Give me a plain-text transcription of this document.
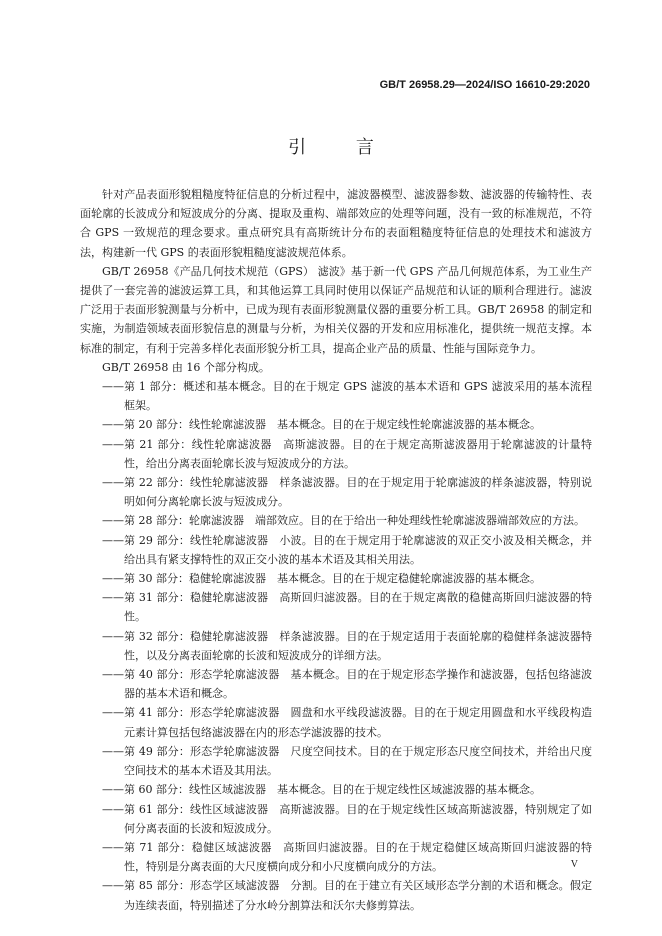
GB/T 26958.29—2024/ISO 16610-29:2020
引 言

针对产品表面形貌粗糙度特征信息的分析过程中，滤波器模型、滤波器参数、滤波器的传输特性、表面轮廓的长波成分和短波成分的分离、提取及重构、端部效应的处理等问题，没有一致的标准规范，不符合 GPS 一致规范的理念要求。重点研究具有高斯统计分布的表面粗糙度特征信息的处理技术和滤波方法，构建新一代 GPS 的表面形貌粗糙度滤波规范体系。

GB/T 26958《产品几何技术规范（GPS） 滤波》基于新一代 GPS 产品几何规范体系，为工业生产提供了一套完善的滤波运算工具，和其他运算工具同时使用以保证产品规范和认证的顺利合理进行。滤波广泛用于表面形貌测量与分析中，已成为现有表面形貌测量仪器的重要分析工具。GB/T 26958 的制定和实施，为制造领域表面形貌信息的测量与分析，为相关仪器的开发和应用标准化，提供统一规范支撑。本标准的制定，有利于完善多样化表面形貌分析工具，提高企业产品的质量、性能与国际竞争力。

GB/T 26958 由 16 个部分构成。

—— 第 1 部分：概述和基本概念。目的在于规定 GPS 滤波的基本术语和 GPS 滤波采用的基本流程框架。

—— 第 20 部分：线性轮廓滤波器　基本概念。目的在于规定线性轮廓滤波器的基本概念。

—— 第 21 部分：线性轮廓滤波器　高斯滤波器。目的在于规定高斯滤波器用于轮廓滤波的计量特性，给出分离表面轮廓长波与短波成分的方法。

—— 第 22 部分：线性轮廓滤波器　样条滤波器。目的在于规定用于轮廓滤波的样条滤波器，特别说明如何分离轮廓长波与短波成分。

—— 第 28 部分：轮廓滤波器　端部效应。目的在于给出一种处理线性轮廓滤波器端部效应的方法。

—— 第 29 部分：线性轮廓滤波器　小波。目的在于规定用于轮廓滤波的双正交小波及相关概念，并给出具有紧支撑特性的双正交小波的基本术语及其相关用法。

—— 第 30 部分：稳健轮廓滤波器　基本概念。目的在于规定稳健轮廓滤波器的基本概念。

—— 第 31 部分：稳健轮廓滤波器　高斯回归滤波器。目的在于规定离散的稳健高斯回归滤波器的特性。

—— 第 32 部分：稳健轮廓滤波器　样条滤波器。目的在于规定适用于表面轮廓的稳健样条滤波器特性，以及分离表面轮廓的长波和短波成分的详细方法。

—— 第 40 部分：形态学轮廓滤波器　基本概念。目的在于规定形态学操作和滤波器，包括包络滤波器的基本术语和概念。

—— 第 41 部分：形态学轮廓滤波器　圆盘和水平线段滤波器。目的在于规定用圆盘和水平线段构造元素计算包括包络滤波器在内的形态学滤波器的技术。

—— 第 49 部分：形态学轮廓滤波器　尺度空间技术。目的在于规定形态尺度空间技术，并给出尺度空间技术的基本术语及其用法。

—— 第 60 部分：线性区域滤波器　基本概念。目的在于规定线性区域滤波器的基本概念。

—— 第 61 部分：线性区域滤波器　高斯滤波器。目的在于规定线性区域高斯滤波器，特别规定了如何分离表面的长波和短波成分。

—— 第 71 部分：稳健区域滤波器　高斯回归滤波器。目的在于规定稳健区域高斯回归滤波器的特性，特别是分离表面的大尺度横向成分和小尺度横向成分的方法。

—— 第 85 部分：形态学区域滤波器　分割。目的在于建立有关区域形态学分割的术语和概念。假定为连续表面，特别描述了分水岭分割算法和沃尔夫修剪算法。

V
